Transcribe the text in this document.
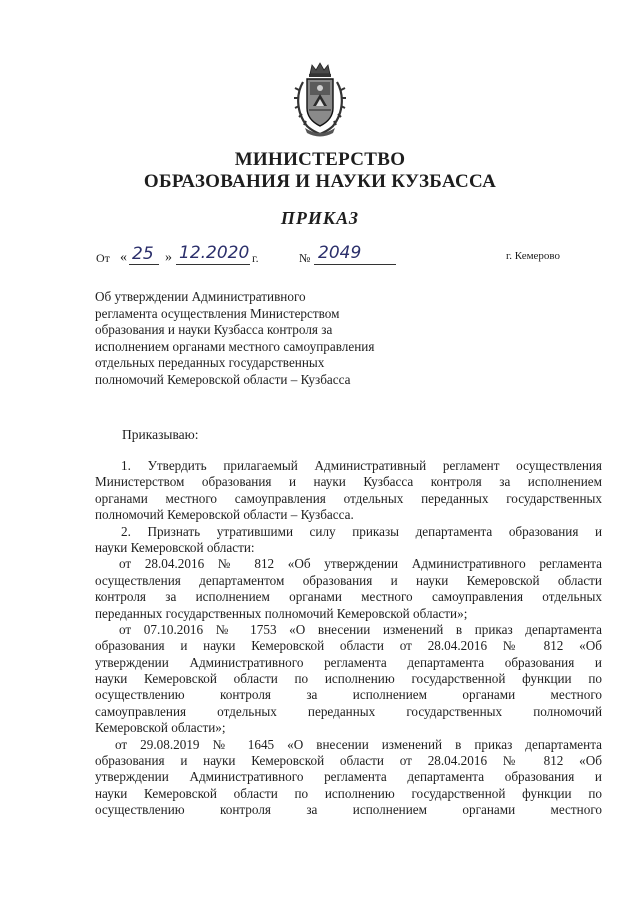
МИНИСТЕРСТВО
ОБРАЗОВАНИЯ И НАУКИ КУЗБАССА
ПРИКАЗ
От « 25 » 12.2020 г.	№ 2049	г. Кемерово
Об утверждении Административного
регламента осуществления Министерством
образования и науки Кузбасса контроля за
исполнением органами местного самоуправления
отдельных переданных государственных
полномочий Кемеровской области – Кузбасса
Приказываю:
1. Утвердить прилагаемый Административный регламент осуществления
Министерством образования и науки Кузбасса контроля за исполнением
органами местного самоуправления отдельных переданных государственных
полномочий Кемеровской области – Кузбасса.
2. Признать утратившими силу приказы департамента образования и
науки Кемеровской области:
от 28.04.2016 № 812 «Об утверждении Административного регламента
осуществления департаментом образования и науки Кемеровской области
контроля за исполнением органами местного самоуправления отдельных
переданных государственных полномочий Кемеровской области»;
от 07.10.2016 № 1753 «О внесении изменений в приказ департамента
образования и науки Кемеровской области от 28.04.2016 № 812 «Об
утверждении Административного регламента департамента образования и
науки Кемеровской области по исполнению государственной функции по
осуществлению контроля за исполнением органами местного
самоуправления отдельных переданных государственных полномочий
Кемеровской области»;
от 29.08.2019 № 1645 «О внесении изменений в приказ департамента
образования и науки Кемеровской области от 28.04.2016 № 812 «Об
утверждении Административного регламента департамента образования и
науки Кемеровской области по исполнению государственной функции по
осуществлению контроля за исполнением органами местного
